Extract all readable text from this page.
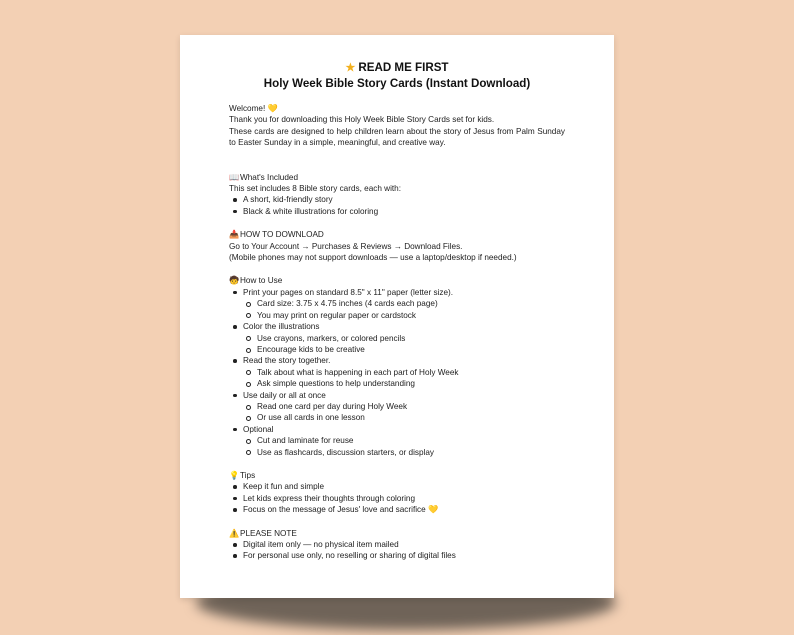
★ READ ME FIRST
Holy Week Bible Story Cards (Instant Download)

Welcome! 💛

Thank you for downloading this Holy Week Bible Story Cards set for kids.

These cards are designed to help children learn about the story of Jesus from Palm Sunday to Easter Sunday in a simple, meaningful, and creative way.

📖What's Included

This set includes 8 Bible story cards, each with:

A short, kid-friendly story
Black & white illustrations for coloring

📥HOW TO DOWNLOAD

Go to Your Account → Purchases & Reviews → Download Files.

(Mobile phones may not support downloads — use a laptop/desktop if needed.)

🧒How to Use

Print your pages on standard 8.5" x 11" paper (letter size).
Card size: 3.75 x 4.75 inches (4 cards each page)
You may print on regular paper or cardstock
Color the illustrations
Use crayons, markers, or colored pencils
Encourage kids to be creative
Read the story together.
Talk about what is happening in each part of Holy Week
Ask simple questions to help understanding
Use daily or all at once
Read one card per day during Holy Week
Or use all cards in one lesson
Optional
Cut and laminate for reuse
Use as flashcards, discussion starters, or display

💡Tips

Keep it fun and simple
Let kids express their thoughts through coloring
Focus on the message of Jesus' love and sacrifice 💛

⚠️PLEASE NOTE

Digital item only — no physical item mailed
For personal use only, no reselling or sharing of digital files
